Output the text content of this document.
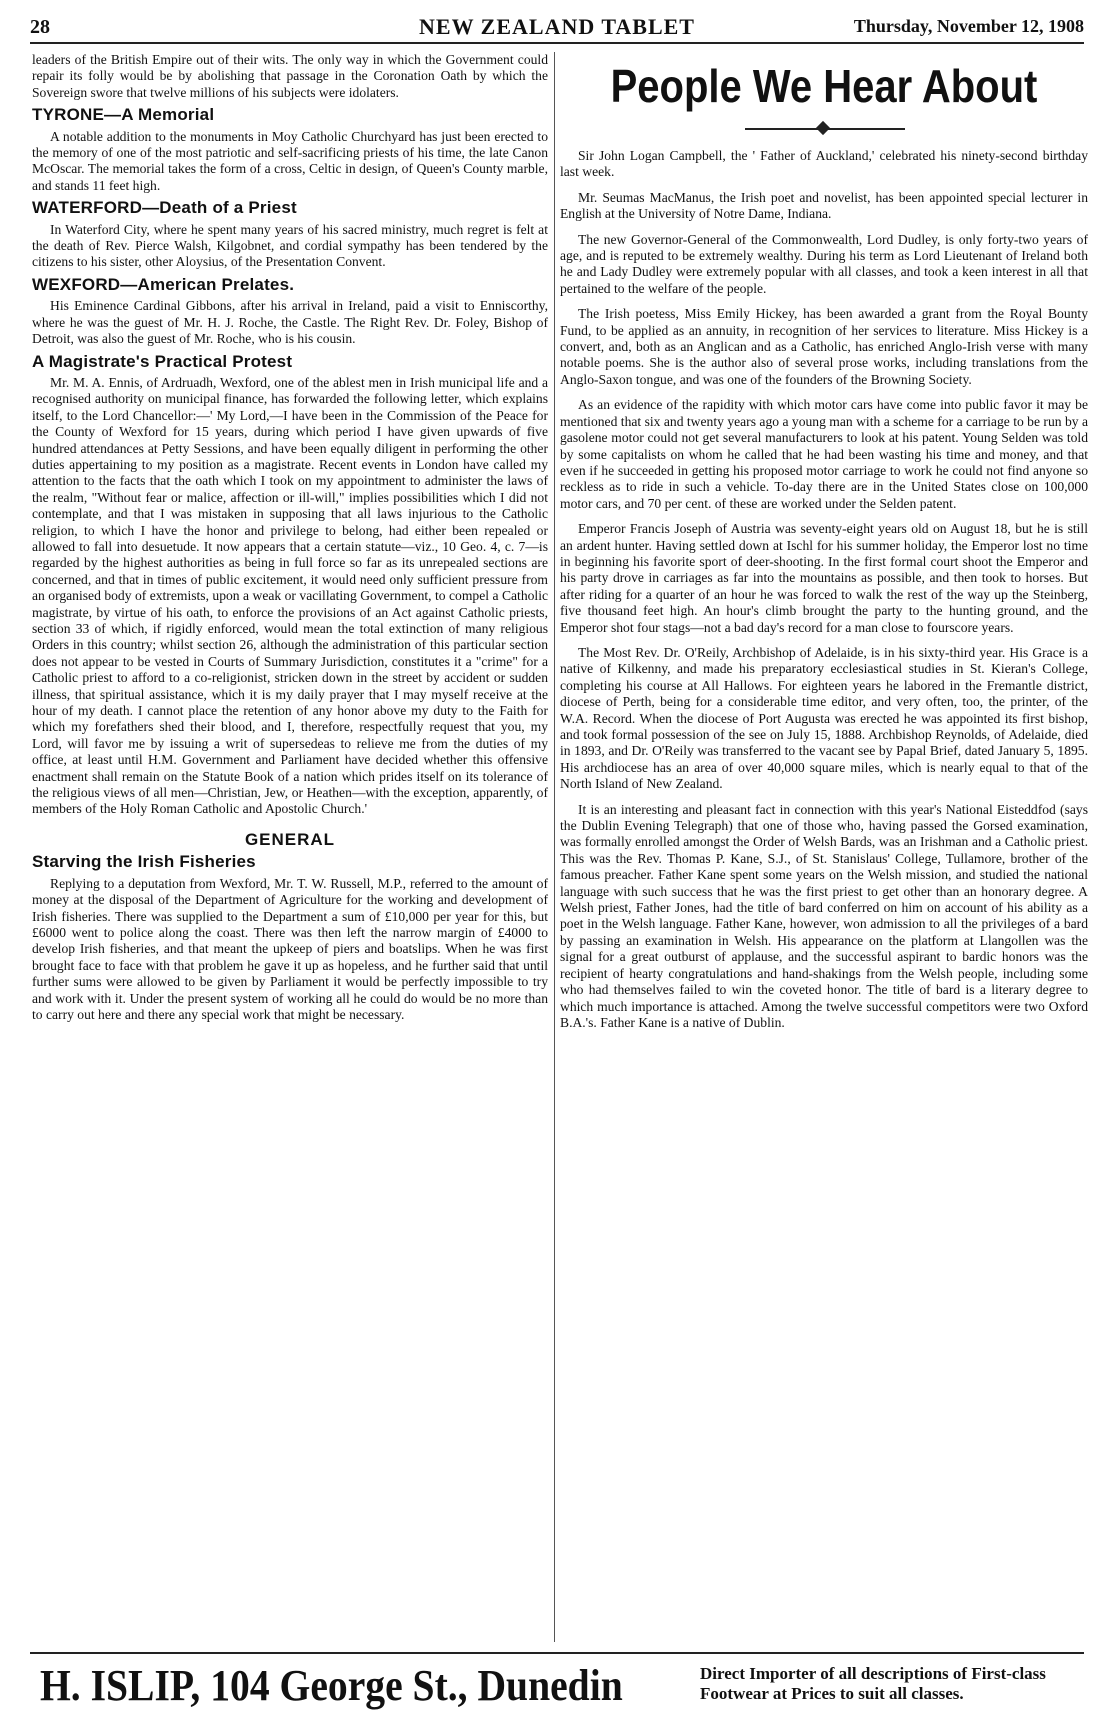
28	NEW ZEALAND TABLET	Thursday, November 12, 1908

leaders of the British Empire out of their wits. The only way in which the Government could repair its folly would be by abolishing that passage in the Coronation Oath by which the Sovereign swore that twelve millions of his subjects were idolaters.

TYRONE—A Memorial

A notable addition to the monuments in Moy Catholic Churchyard has just been erected to the memory of one of the most patriotic and self-sacrificing priests of his time, the late Canon McOscar. The memorial takes the form of a cross, Celtic in design, of Queen's County marble, and stands 11 feet high.

WATERFORD—Death of a Priest

In Waterford City, where he spent many years of his sacred ministry, much regret is felt at the death of Rev. Pierce Walsh, Kilgobnet, and cordial sympathy has been tendered by the citizens to his sister, other Aloysius, of the Presentation Convent.

WEXFORD—American Prelates.

His Eminence Cardinal Gibbons, after his arrival in Ireland, paid a visit to Enniscorthy, where he was the guest of Mr. H. J. Roche, the Castle. The Right Rev. Dr. Foley, Bishop of Detroit, was also the guest of Mr. Roche, who is his cousin.

A Magistrate's Practical Protest

Mr. M. A. Ennis, of Ardruadh, Wexford, one of the ablest men in Irish municipal life and a recognised authority on municipal finance, has forwarded the following letter, which explains itself, to the Lord Chancellor:—' My Lord,—I have been in the Commission of the Peace for the County of Wexford for 15 years, during which period I have given upwards of five hundred attendances at Petty Sessions, and have been equally diligent in performing the other duties appertaining to my position as a magistrate. Recent events in London have called my attention to the facts that the oath which I took on my appointment to administer the laws of the realm, "Without fear or malice, affection or ill-will," implies possibilities which I did not contemplate, and that I was mistaken in supposing that all laws injurious to the Catholic religion, to which I have the honor and privilege to belong, had either been repealed or allowed to fall into desuetude. It now appears that a certain statute—viz., 10 Geo. 4, c. 7—is regarded by the highest authorities as being in full force so far as its unrepealed sections are concerned, and that in times of public excitement, it would need only sufficient pressure from an organised body of extremists, upon a weak or vacillating Government, to compel a Catholic magistrate, by virtue of his oath, to enforce the provisions of an Act against Catholic priests, section 33 of which, if rigidly enforced, would mean the total extinction of many religious Orders in this country; whilst section 26, although the administration of this particular section does not appear to be vested in Courts of Summary Jurisdiction, constitutes it a "crime" for a Catholic priest to afford to a co-religionist, stricken down in the street by accident or sudden illness, that spiritual assistance, which it is my daily prayer that I may myself receive at the hour of my death. I cannot place the retention of any honor above my duty to the Faith for which my forefathers shed their blood, and I, therefore, respectfully request that you, my Lord, will favor me by issuing a writ of supersedeas to relieve me from the duties of my office, at least until H.M. Government and Parliament have decided whether this offensive enactment shall remain on the Statute Book of a nation which prides itself on its tolerance of the religious views of all men—Christian, Jew, or Heathen—with the exception, apparently, of members of the Holy Roman Catholic and Apostolic Church.'

GENERAL
Starving the Irish Fisheries

Replying to a deputation from Wexford, Mr. T. W. Russell, M.P., referred to the amount of money at the disposal of the Department of Agriculture for the working and development of Irish fisheries. There was supplied to the Department a sum of £10,000 per year for this, but £6000 went to police along the coast. There was then left the narrow margin of £4000 to develop Irish fisheries, and that meant the upkeep of piers and boatslips. When he was first brought face to face with that problem he gave it up as hopeless, and he further said that until further sums were allowed to be given by Parliament it would be perfectly impossible to try and work with it. Under the present system of working all he could do would be no more than to carry out here and there any special work that might be necessary.

People We Hear About

Sir John Logan Campbell, the ' Father of Auckland,' celebrated his ninety-second birthday last week.

Mr. Seumas MacManus, the Irish poet and novelist, has been appointed special lecturer in English at the University of Notre Dame, Indiana.

The new Governor-General of the Commonwealth, Lord Dudley, is only forty-two years of age, and is reputed to be extremely wealthy. During his term as Lord Lieutenant of Ireland both he and Lady Dudley were extremely popular with all classes, and took a keen interest in all that pertained to the welfare of the people.

The Irish poetess, Miss Emily Hickey, has been awarded a grant from the Royal Bounty Fund, to be applied as an annuity, in recognition of her services to literature. Miss Hickey is a convert, and, both as an Anglican and as a Catholic, has enriched Anglo-Irish verse with many notable poems. She is the author also of several prose works, including translations from the Anglo-Saxon tongue, and was one of the founders of the Browning Society.

As an evidence of the rapidity with which motor cars have come into public favor it may be mentioned that six and twenty years ago a young man with a scheme for a carriage to be run by a gasolene motor could not get several manufacturers to look at his patent. Young Selden was told by some capitalists on whom he called that he had been wasting his time and money, and that even if he succeeded in getting his proposed motor carriage to work he could not find anyone so reckless as to ride in such a vehicle. To-day there are in the United States close on 100,000 motor cars, and 70 per cent. of these are worked under the Selden patent.

Emperor Francis Joseph of Austria was seventy-eight years old on August 18, but he is still an ardent hunter. Having settled down at Ischl for his summer holiday, the Emperor lost no time in beginning his favorite sport of deer-shooting. In the first formal court shoot the Emperor and his party drove in carriages as far into the mountains as possible, and then took to horses. But after riding for a quarter of an hour he was forced to walk the rest of the way up the Steinberg, five thousand feet high. An hour's climb brought the party to the hunting ground, and the Emperor shot four stags—not a bad day's record for a man close to fourscore years.

The Most Rev. Dr. O'Reily, Archbishop of Adelaide, is in his sixty-third year. His Grace is a native of Kilkenny, and made his preparatory ecclesiastical studies in St. Kieran's College, completing his course at All Hallows. For eighteen years he labored in the Fremantle district, diocese of Perth, being for a considerable time editor, and very often, too, the printer, of the W.A. Record. When the diocese of Port Augusta was erected he was appointed its first bishop, and took formal possession of the see on July 15, 1888. Archbishop Reynolds, of Adelaide, died in 1893, and Dr. O'Reily was transferred to the vacant see by Papal Brief, dated January 5, 1895. His archdiocese has an area of over 40,000 square miles, which is nearly equal to that of the North Island of New Zealand.

It is an interesting and pleasant fact in connection with this year's National Eisteddfod (says the Dublin Evening Telegraph) that one of those who, having passed the Gorsed examination, was formally enrolled amongst the Order of Welsh Bards, was an Irishman and a Catholic priest. This was the Rev. Thomas P. Kane, S.J., of St. Stanislaus' College, Tullamore, brother of the famous preacher. Father Kane spent some years on the Welsh mission, and studied the national language with such success that he was the first priest to get other than an honorary degree. A Welsh priest, Father Jones, had the title of bard conferred on him on account of his ability as a poet in the Welsh language. Father Kane, however, won admission to all the privileges of a bard by passing an examination in Welsh. His appearance on the platform at Llangollen was the signal for a great outburst of applause, and the successful aspirant to bardic honors was the recipient of hearty congratulations and hand-shakings from the Welsh people, including some who had themselves failed to win the coveted honor. The title of bard is a literary degree to which much importance is attached. Among the twelve successful competitors were two Oxford B.A.'s. Father Kane is a native of Dublin.

H. ISLIP, 104 George St., Dunedin	Direct Importer of all descriptions of First-class Footwear at Prices to suit all classes.
